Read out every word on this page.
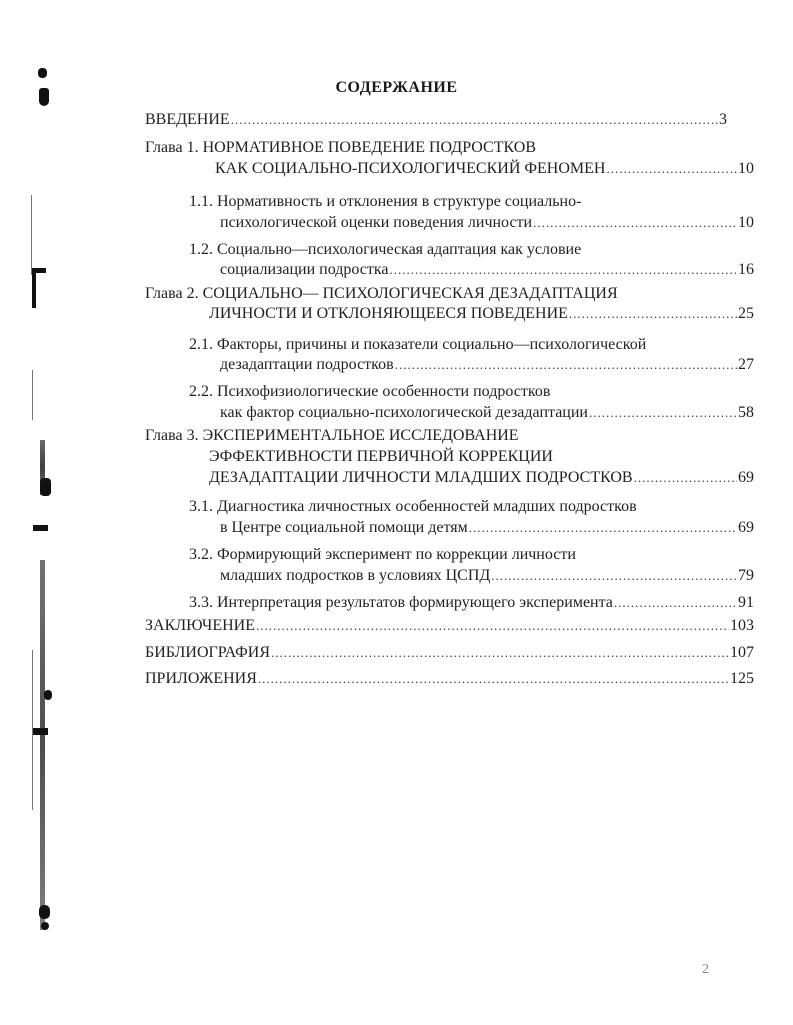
СОДЕРЖАНИЕ
ВВЕДЕНИЕ .....	3
Глава 1.
НОРМАТИВНОЕ ПОВЕДЕНИЕ ПОДРОСТКОВ
КАК СОЦИАЛЬНО-ПСИХОЛОГИЧЕСКИЙ ФЕНОМЕН .....	10
1.1.
Нормативность и отклонения в структуре социально-
психологической оценки поведения личности .....	10
1.2.
Социально—психологическая адаптация как условие
социализации подростка .....	16
Глава 2.
СОЦИАЛЬНО— ПСИХОЛОГИЧЕСКАЯ ДЕЗАДАПТАЦИЯ
ЛИЧНОСТИ И ОТКЛОНЯЮЩЕЕСЯ ПОВЕДЕНИЕ .....	25
2.1.
Факторы, причины и показатели социально—психологической
дезадаптации подростков .....	27
2.2.
Психофизиологические особенности подростков
как фактор социально-психологической дезадаптации .....	58
Глава 3.
ЭКСПЕРИМЕНТАЛЬНОЕ ИССЛЕДОВАНИЕ
ЭФФЕКТИВНОСТИ ПЕРВИЧНОЙ КОРРЕКЦИИ
ДЕЗАДАПТАЦИИ ЛИЧНОСТИ МЛАДШИХ ПОДРОСТКОВ .....	69
3.1.
Диагностика личностных особенностей младших подростков
в Центре социальной помощи детям .....	69
3.2.
Формирующий эксперимент по коррекции личности
младших подростков в условиях ЦСПД .....	79
3.3.
Интерпретация результатов формирующего эксперимента .....	91
ЗАКЛЮЧЕНИЕ .....	103
БИБЛИОГРАФИЯ .....	107
ПРИЛОЖЕНИЯ .....	125
2
